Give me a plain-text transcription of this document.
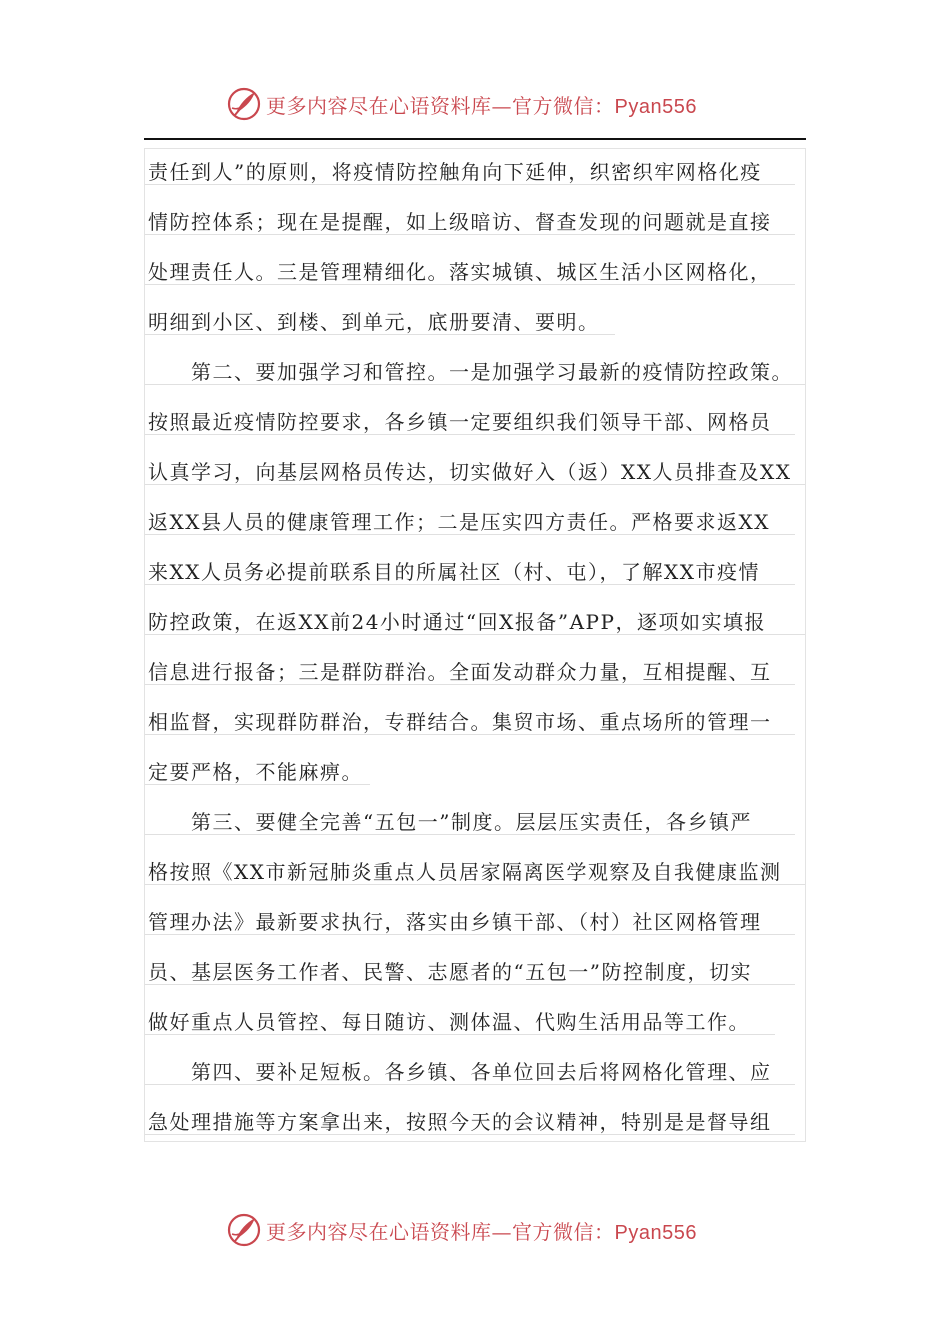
更多内容尽在心语资料库—官方微信：Pyan556
责任到人”的原则，将疫情防控触角向下延伸，织密织牢网格化疫
情防控体系；现在是提醒，如上级暗访、督查发现的问题就是直接
处理责任人。三是管理精细化。落实城镇、城区生活小区网格化，
明细到小区、到楼、到单元，底册要清、要明。
　　第二、要加强学习和管控。一是加强学习最新的疫情防控政策。
按照最近疫情防控要求，各乡镇一定要组织我们领导干部、网格员
认真学习，向基层网格员传达，切实做好入（返）XX人员排查及XX
返XX县人员的健康管理工作；二是压实四方责任。严格要求返XX
来XX人员务必提前联系目的所属社区（村、屯），了解XX市疫情
防控政策，在返XX前24小时通过“回X报备”APP，逐项如实填报
信息进行报备；三是群防群治。全面发动群众力量，互相提醒、互
相监督，实现群防群治，专群结合。集贸市场、重点场所的管理一
定要严格，不能麻痹。
　　第三、要健全完善“五包一”制度。层层压实责任，各乡镇严
格按照《XX市新冠肺炎重点人员居家隔离医学观察及自我健康监测
管理办法》最新要求执行，落实由乡镇干部、（村）社区网格管理
员、基层医务工作者、民警、志愿者的“五包一”防控制度，切实
做好重点人员管控、每日随访、测体温、代购生活用品等工作。
　　第四、要补足短板。各乡镇、各单位回去后将网格化管理、应
急处理措施等方案拿出来，按照今天的会议精神，特别是是督导组
更多内容尽在心语资料库—官方微信：Pyan556
